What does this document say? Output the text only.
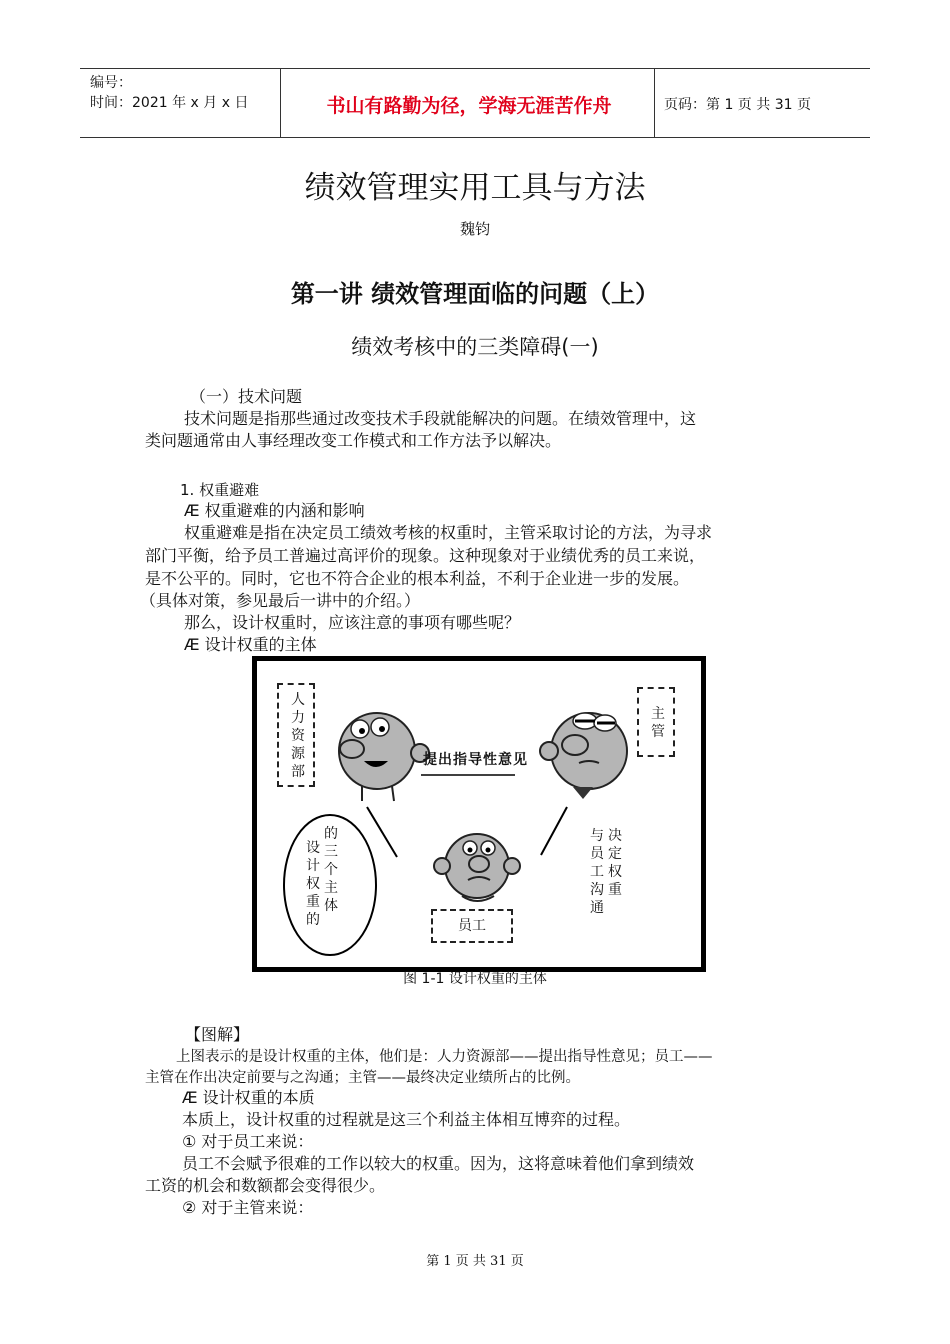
编号：
时间：2021 年 x 月 x 日	书山有路勤为径，学海无涯苦作舟	页码：第 1 页 共 31 页
绩效管理实用工具与方法
魏钧
第一讲 绩效管理面临的问题（上）
绩效考核中的三类障碍(一)
（一）技术问题
技术问题是指那些通过改变技术手段就能解决的问题。在绩效管理中，这
类问题通常由人事经理改变工作模式和工作方法予以解决。
1. 权重避难
Æ 权重避难的内涵和影响
权重避难是指在决定员工绩效考核的权重时，主管采取讨论的方法，为寻求
部门平衡，给予员工普遍过高评价的现象。这种现象对于业绩优秀的员工来说，
是不公平的。同时，它也不符合企业的根本利益，不利于企业进一步的发展。
（具体对策，参见最后一讲中的介绍。）
那么，设计权重时，应该注意的事项有哪些呢？
Æ 设计权重的主体
人力资源部
主管
提出指导性意见
设计权重的
的三个主体
与员工沟通
决定权重
员工
图 1-1 设计权重的主体
【图解】
上图表示的是设计权重的主体，他们是：人力资源部——提出指导性意见；员工——
主管在作出决定前要与之沟通；主管——最终决定业绩所占的比例。
Æ 设计权重的本质
本质上，设计权重的过程就是这三个利益主体相互博弈的过程。
① 对于员工来说：
员工不会赋予很难的工作以较大的权重。因为，这将意味着他们拿到绩效
工资的机会和数额都会变得很少。
② 对于主管来说：
第 1 页 共 31 页
